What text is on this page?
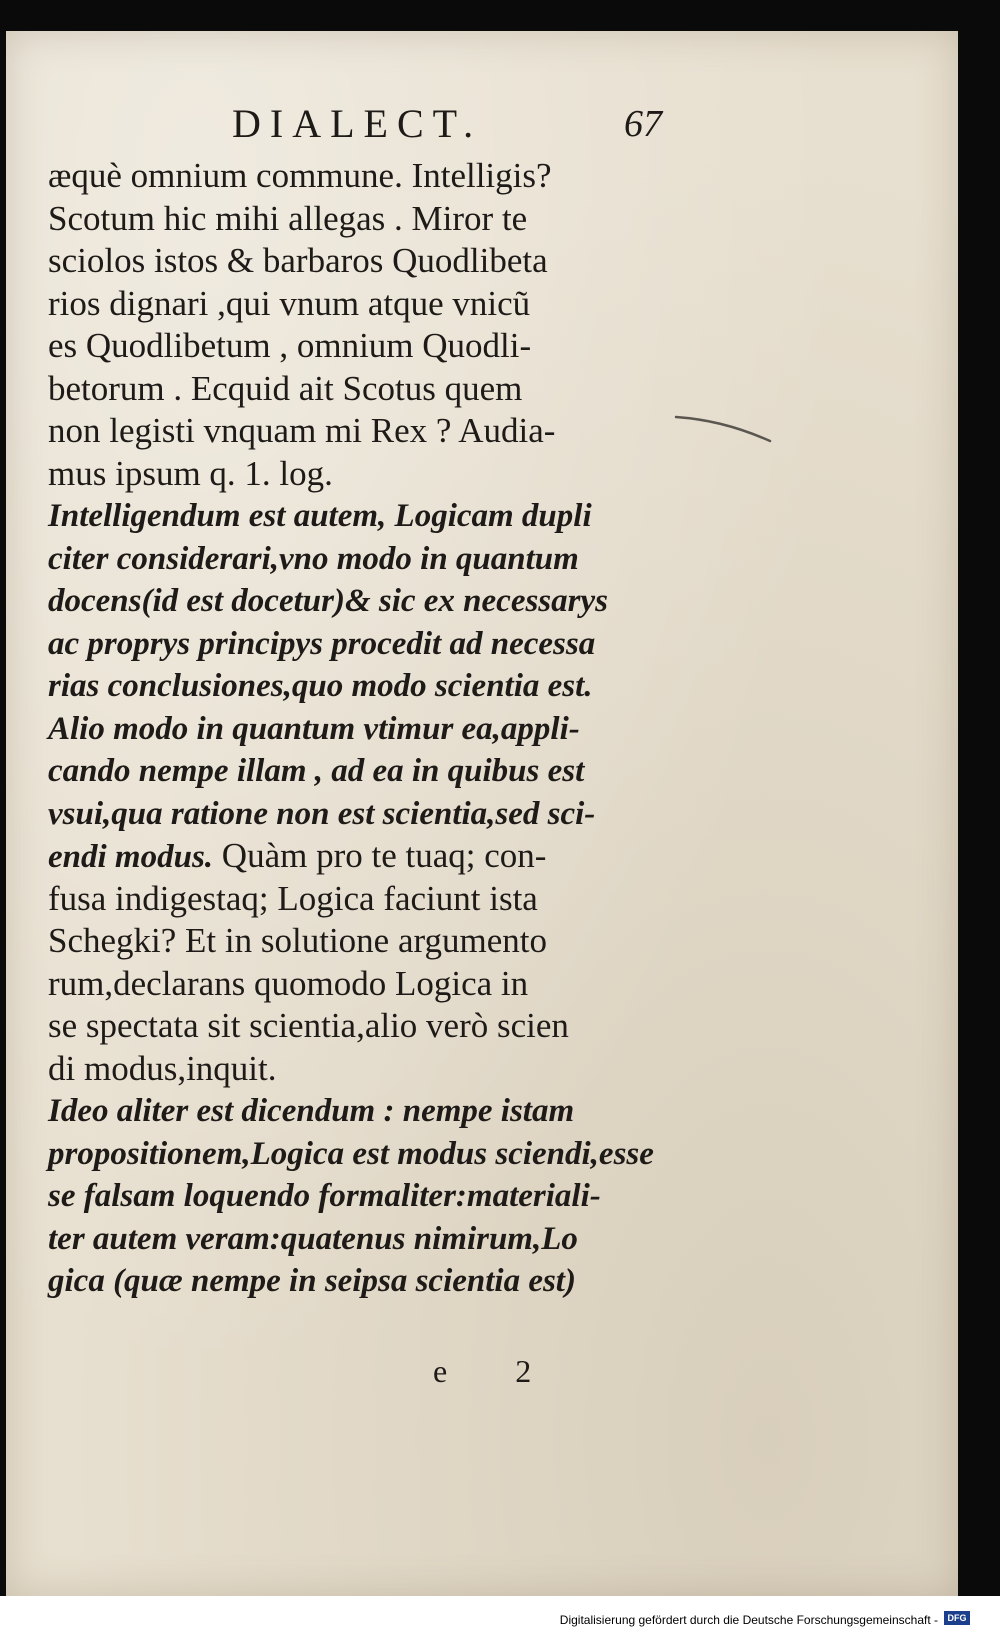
e 2
DIALECT.	67
æquè omnium commune. Intelligis?
Scotum hic mihi allegas . Miror te
sciolos istos & barbaros Quodlibeta
rios dignari ,qui vnum atque vnicũ
es Quodlibetum , omnium Quodli-
betorum . Ecquid ait Scotus quem
non legisti vnquam mi Rex ? Audia-
mus ipsum q. 1. log.
Intelligendum est autem, Logicam dupli
citer considerari,vno modo in quantum
docens(id est docetur)& sic ex necessarys
ac proprys principys procedit ad necessa
rias conclusiones,quo modo scientia est.
Alio modo in quantum vtimur ea,appli-
cando nempe illam , ad ea in quibus est
vsui,qua ratione non est scientia,sed sci-
endi modus. Quàm pro te tuaq; con-
fusa indigestaq; Logica faciunt ista
Schegki? Et in solutione argumento
rum,declarans quomodo Logica in
se spectata sit scientia,alio verò scien
di modus,inquit.
Ideo aliter est dicendum : nempe istam
propositionem,Logica est modus sciendi,esse
se falsam loquendo formaliter:materiali-
ter autem veram:quatenus nimirum,Lo
gica (quæ nempe in seipsa scientia est)
Digitalisierung gefördert durch die Deutsche Forschungsgemeinschaft -	DFG
